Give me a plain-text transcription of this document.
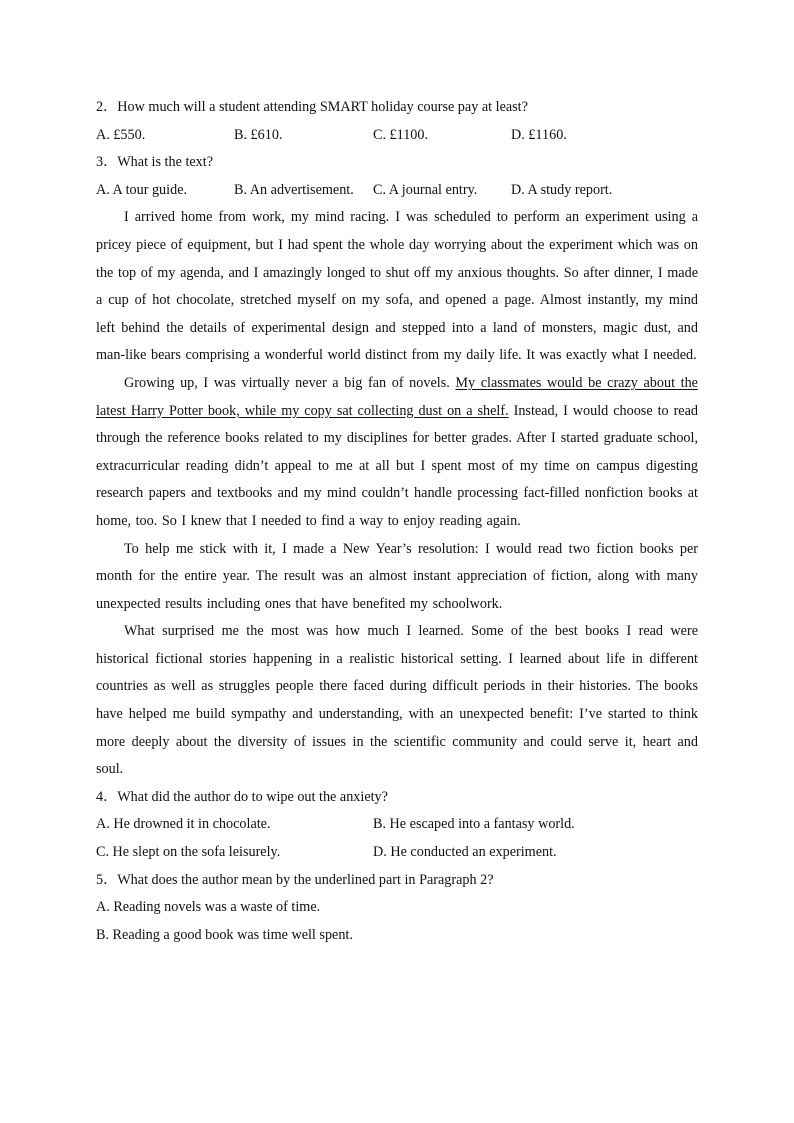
2．How much will a student attending SMART holiday course pay at least?
A. £550.	B. £610.	C. £1100.	D. £1160.
3．What is the text?
A. A tour guide.	B. An advertisement.	C. A journal entry.	D. A study report.

I arrived home from work, my mind racing. I was scheduled to perform an experiment using a pricey piece of equipment, but I had spent the whole day worrying about the experiment which was on the top of my agenda, and I amazingly longed to shut off my anxious thoughts. So after dinner, I made a cup of hot chocolate, stretched myself on my sofa, and opened a page. Almost instantly, my mind left behind the details of experimental design and stepped into a land of monsters, magic dust, and man-like bears comprising a wonderful world distinct from my daily life. It was exactly what I needed.

Growing up, I was virtually never a big fan of novels. My classmates would be crazy about the latest Harry Potter book, while my copy sat collecting dust on a shelf. Instead, I would choose to read through the reference books related to my disciplines for better grades. After I started graduate school, extracurricular reading didn’t appeal to me at all but I spent most of my time on campus digesting research papers and textbooks and my mind couldn’t handle processing fact-filled nonfiction books at home, too. So I knew that I needed to find a way to enjoy reading again.

To help me stick with it, I made a New Year’s resolution: I would read two fiction books per month for the entire year. The result was an almost instant appreciation of fiction, along with many unexpected results including ones that have benefited my schoolwork.

What surprised me the most was how much I learned. Some of the best books I read were historical fictional stories happening in a realistic historical setting. I learned about life in different countries as well as struggles people there faced during difficult periods in their histories. The books have helped me build sympathy and understanding, with an unexpected benefit: I’ve started to think more deeply about the diversity of issues in the scientific community and could serve it, heart and soul.

4．What did the author do to wipe out the anxiety?
A. He drowned it in chocolate.	B. He escaped into a fantasy world.
C. He slept on the sofa leisurely.	D. He conducted an experiment.
5．What does the author mean by the underlined part in Paragraph 2?
A. Reading novels was a waste of time.
B. Reading a good book was time well spent.
